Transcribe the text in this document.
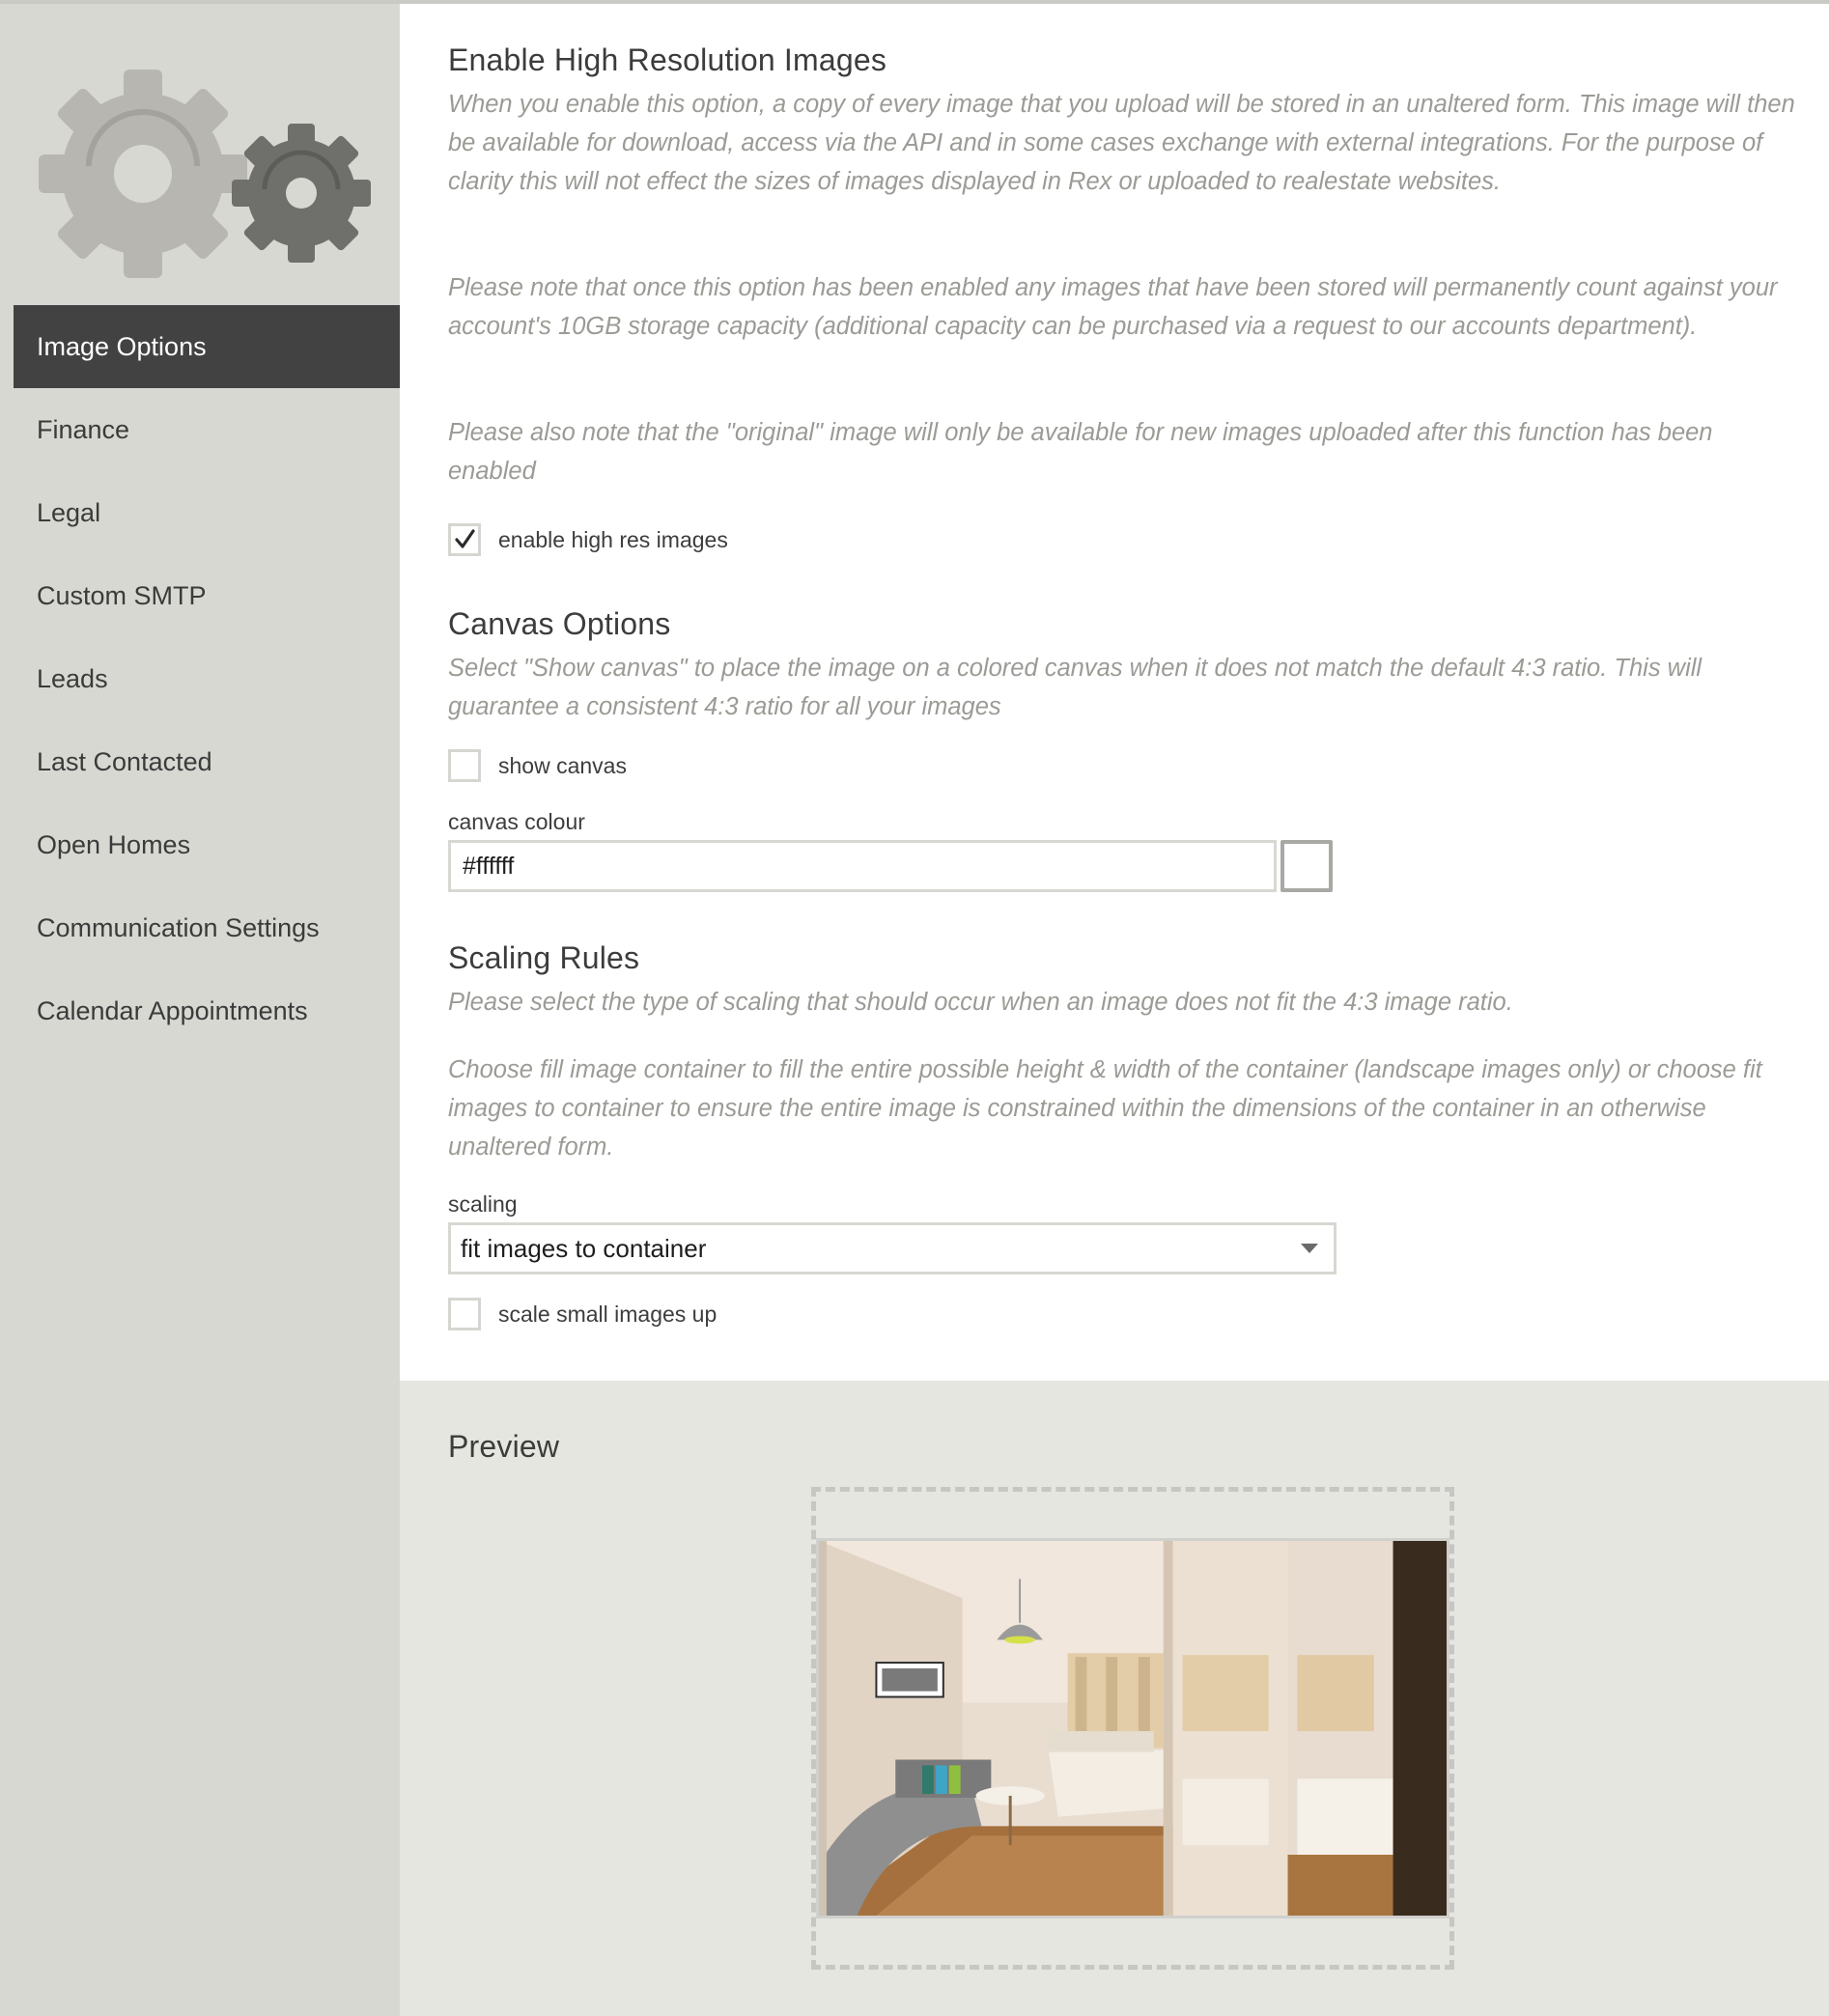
Image Options
Finance
Legal
Custom SMTP
Leads
Last Contacted
Open Homes
Communication Settings
Calendar Appointments
Enable High Resolution Images
When you enable this option, a copy of every image that you upload will be stored in an unaltered form. This image will then be available for download, access via the API and in some cases exchange with external integrations. For the purpose of clarity this will not effect the sizes of images displayed in Rex or uploaded to realestate websites.
Please note that once this option has been enabled any images that have been stored will permanently count against your account's 10GB storage capacity (additional capacity can be purchased via a request to our accounts department).
Please also note that the "original" image will only be available for new images uploaded after this function has been enabled
enable high res images
Canvas Options
Select "Show canvas" to place the image on a colored canvas when it does not match the default 4:3 ratio. This will guarantee a consistent 4:3 ratio for all your images
show canvas
canvas colour
#ffffff
Scaling Rules
Please select the type of scaling that should occur when an image does not fit the 4:3 image ratio.
Choose fill image container to fill the entire possible height & width of the container (landscape images only) or choose fit images to container to ensure the entire image is constrained within the dimensions of the container in an otherwise unaltered form.
scaling
fit images to container
scale small images up
Preview
